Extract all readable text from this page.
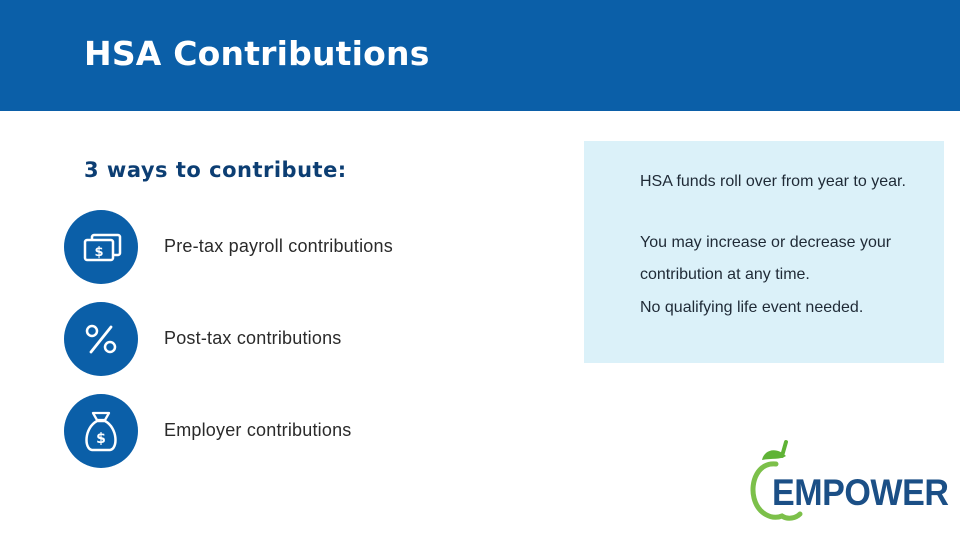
HSA Contributions
3 ways to contribute:
$	Pre-tax payroll contributions
Post-tax contributions
$	Employer contributions
HSA funds roll over from year to year.
You may increase or decrease your contribution at any time.
No qualifying life event needed.
EMPOWER
